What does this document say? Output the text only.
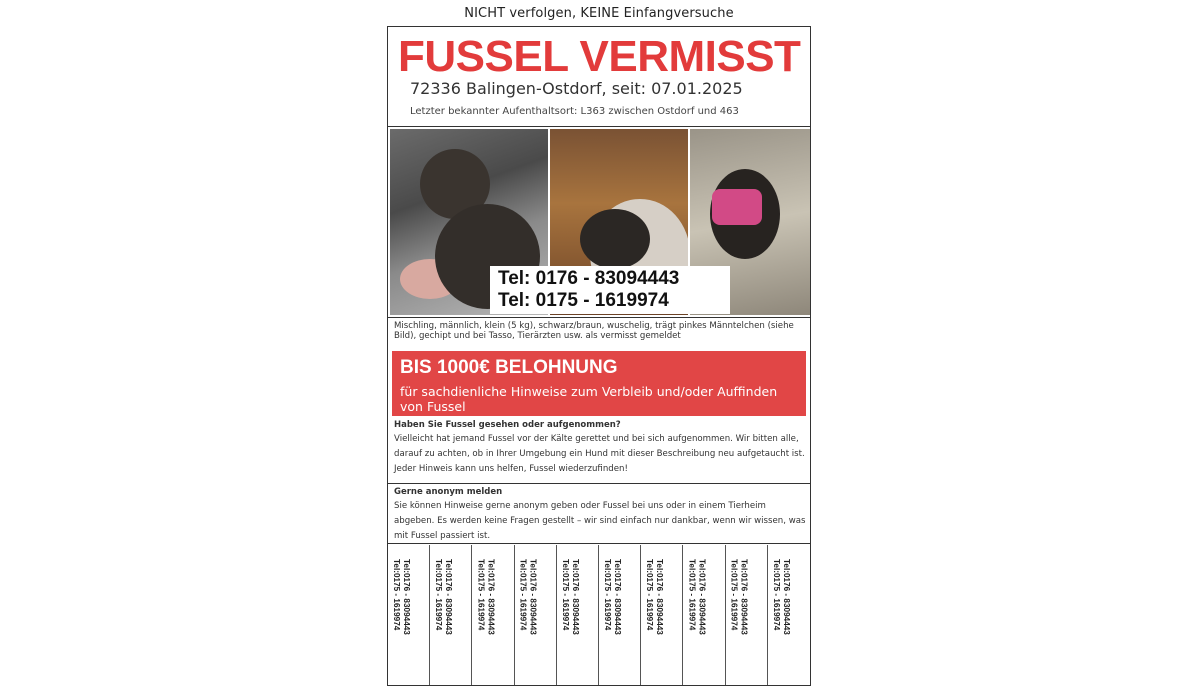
NICHT verfolgen, KEINE Einfangversuche
FUSSEL VERMISST
72336 Balingen-Ostdorf, seit: 07.01.2025
Letzter bekannter Aufenthaltsort: L363 zwischen Ostdorf und 463
Tel: 0176 - 83094443
Tel: 0175 - 1619974
Mischling, männlich, klein (5 kg), schwarz/braun, wuschelig, trägt pinkes Männtelchen (siehe Bild), gechipt und bei Tasso, Tierärzten usw. als vermisst gemeldet
BIS 1000€ BELOHNUNG
für sachdienliche Hinweise zum Verbleib und/oder Auffinden von Fussel
Haben Sie Fussel gesehen oder aufgenommen?
Vielleicht hat jemand Fussel vor der Kälte gerettet und bei sich aufgenommen. Wir bitten alle, darauf zu achten, ob in Ihrer Umgebung ein Hund mit dieser Beschreibung neu aufgetaucht ist. Jeder Hinweis kann uns helfen, Fussel wiederzufinden!
Gerne anonym melden
Sie können Hinweise gerne anonym geben oder Fussel bei uns oder in einem Tierheim abgeben. Es werden keine Fragen gestellt – wir sind einfach nur dankbar, wenn wir wissen, was mit Fussel passiert ist.
Tel:0176 - 83094443
Tel:0175 - 1619974
Tel:0176 - 83094443
Tel:0175 - 1619974
Tel:0176 - 83094443
Tel:0175 - 1619974
Tel:0176 - 83094443
Tel:0175 - 1619974
Tel:0176 - 83094443
Tel:0175 - 1619974
Tel:0176 - 83094443
Tel:0175 - 1619974
Tel:0176 - 83094443
Tel:0175 - 1619974
Tel:0176 - 83094443
Tel:0175 - 1619974
Tel:0176 - 83094443
Tel:0175 - 1619974
Tel:0176 - 83094443
Tel:0175 - 1619974
